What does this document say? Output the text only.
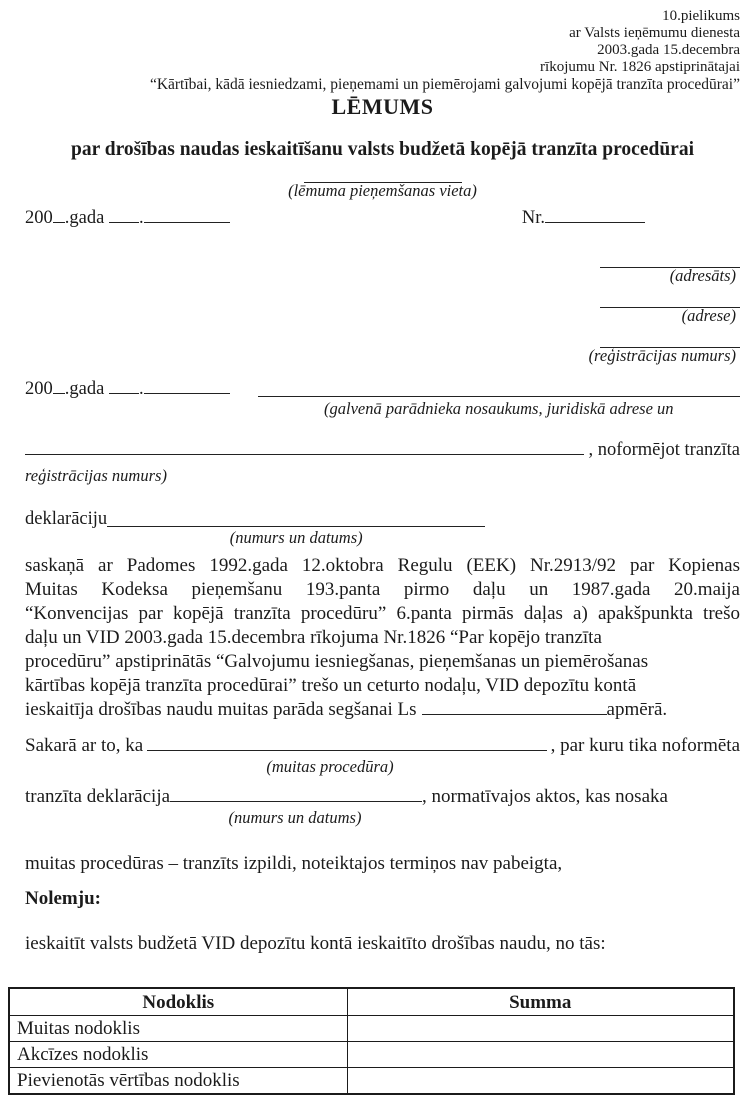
10.pielikums
ar Valsts ieņēmumu dienesta
2003.gada 15.decembra
rīkojumu Nr. 1826 apstiprinātajai
“Kārtībai, kādā iesniedzami, pieņemami un piemērojami galvojumi kopējā tranzīta procedūrai”
LĒMUMS
par drošības naudas ieskaitīšanu valsts budžetā kopējā tranzīta procedūrai
(lēmuma pieņemšanas vieta)
200 .gada .	Nr.
(adresāts)
(adrese)
(reģistrācijas numurs)
200 .gada .
(galvenā parādnieka nosaukums, juridiskā adrese un
, noformējot tranzīta
reģistrācijas numurs)
deklarāciju
(numurs un datums)
saskaņā ar Padomes 1992.gada 12.oktobra Regulu (EEK) Nr.2913/92 par Kopienas
Muitas Kodeksa pieņemšanu 193.panta pirmo daļu un 1987.gada 20.maija
“Konvencijas par kopējā tranzīta procedūru” 6.panta pirmās daļas a) apakšpunkta trešo
daļu un VID 2003.gada 15.decembra rīkojuma Nr.1826 “Par kopējo tranzīta
procedūru” apstiprinātās “Galvojumu iesniegšanas, pieņemšanas un piemērošanas
kārtības kopējā tranzīta procedūrai” trešo un ceturto nodaļu, VID depozītu kontā
ieskaitīja drošības naudu muitas parāda segšanai Ls	apmērā.
Sakarā ar to, ka	, par kuru tika noformēta
(muitas procedūra)
tranzīta deklarācija	, normatīvajos aktos, kas nosaka
(numurs un datums)
muitas procedūras – tranzīts izpildi, noteiktajos termiņos nav pabeigta,
Nolemju:
ieskaitīt valsts budžetā VID depozītu kontā ieskaitīto drošības naudu, no tās:
Nodoklis	Summa
Muitas nodoklis	
Akcīzes nodoklis	
Pievienotās vērtības nodoklis	
